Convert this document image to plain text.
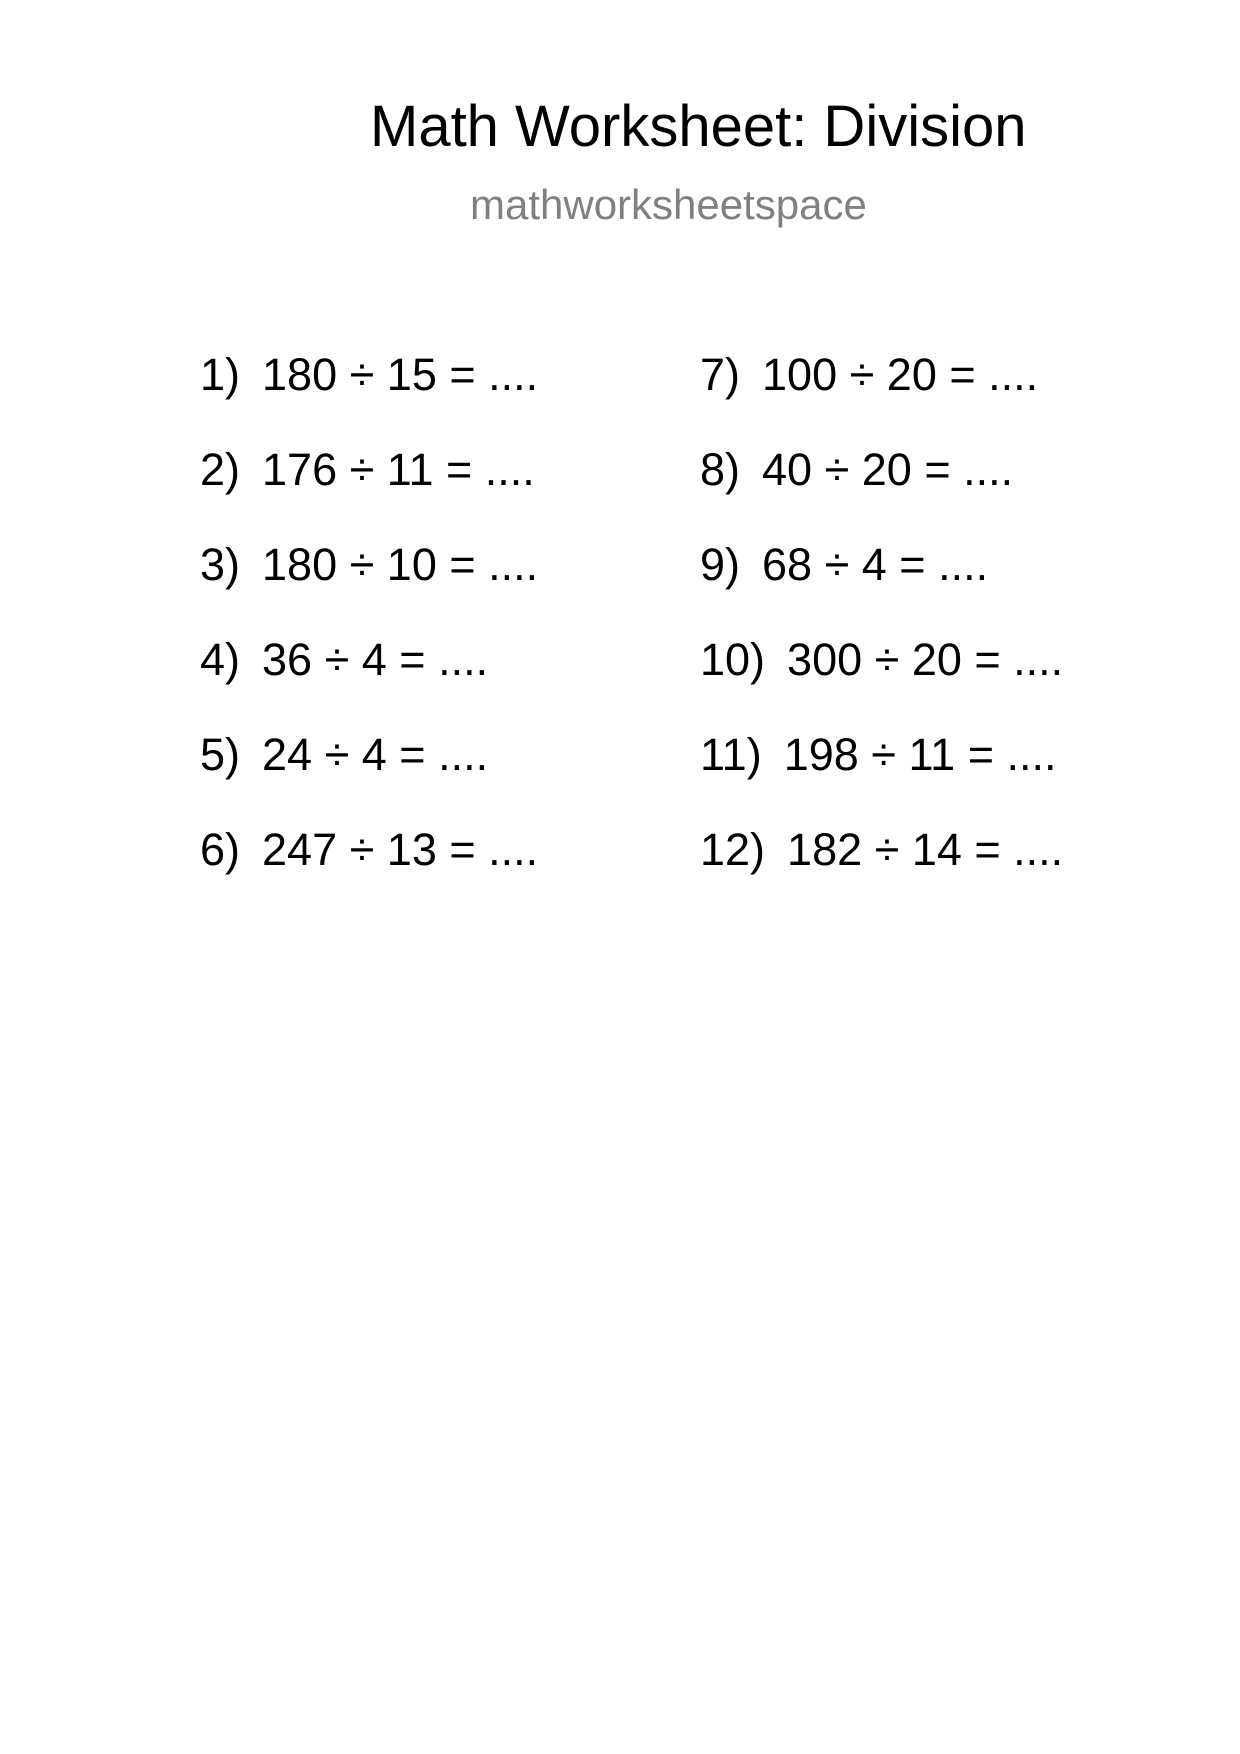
Math Worksheet: Division
mathworksheetspace
1) 180 ÷ 15 = ....
2) 176 ÷ 11 = ....
3) 180 ÷ 10 = ....
4) 36 ÷ 4 = ....
5) 24 ÷ 4 = ....
6) 247 ÷ 13 = ....
7) 100 ÷ 20 = ....
8) 40 ÷ 20 = ....
9) 68 ÷ 4 = ....
10) 300 ÷ 20 = ....
11) 198 ÷ 11 = ....
12) 182 ÷ 14 = ....
